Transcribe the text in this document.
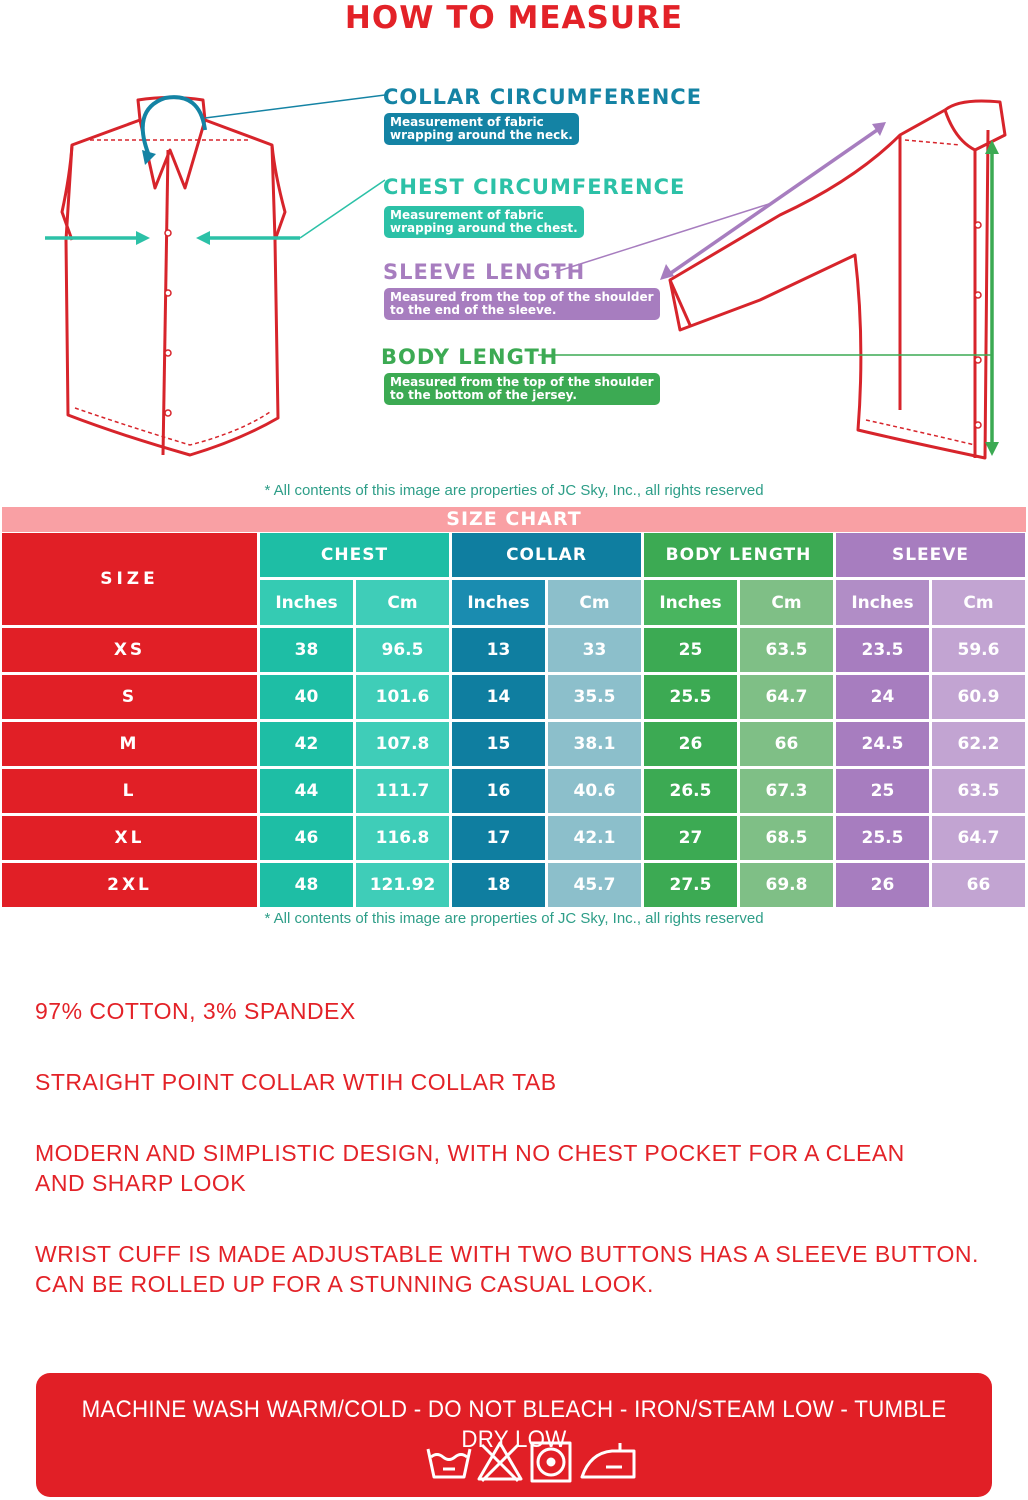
HOW TO MEASURE
COLLAR CIRCUMFERENCE
Measurement of fabric
wrapping around the neck.
CHEST CIRCUMFERENCE
Measurement of fabric
wrapping around the chest.
SLEEVE LENGTH
Measured from the top of the shoulder
to the end of the sleeve.
BODY LENGTH
Measured from the top of the shoulder
to the bottom of the jersey.
* All contents of this image are properties of JC Sky, Inc., all rights reserved
SIZE CHART
SIZE	CHEST		COLLAR		BODY LENGTH		SLEEVE	
	Inches	Cm	Inches	Cm	Inches	Cm	Inches	Cm
XS	38	96.5	13	33	25	63.5	23.5	59.6
S	40	101.6	14	35.5	25.5	64.7	24	60.9
M	42	107.8	15	38.1	26	66	24.5	62.2
L	44	111.7	16	40.6	26.5	67.3	25	63.5
XL	46	116.8	17	42.1	27	68.5	25.5	64.7
2XL	48	121.92	18	45.7	27.5	69.8	26	66
* All contents of this image are properties of JC Sky, Inc., all rights reserved
97% COTTON, 3% SPANDEX
STRAIGHT POINT COLLAR WTIH COLLAR TAB
MODERN AND SIMPLISTIC DESIGN, WITH NO CHEST POCKET FOR A CLEAN
AND SHARP LOOK
WRIST CUFF IS MADE ADJUSTABLE WITH TWO BUTTONS HAS A SLEEVE BUTTON.
CAN BE ROLLED UP FOR A STUNNING CASUAL LOOK.
MACHINE WASH WARM/COLD - DO NOT BLEACH - IRON/STEAM LOW - TUMBLE DRY LOW
